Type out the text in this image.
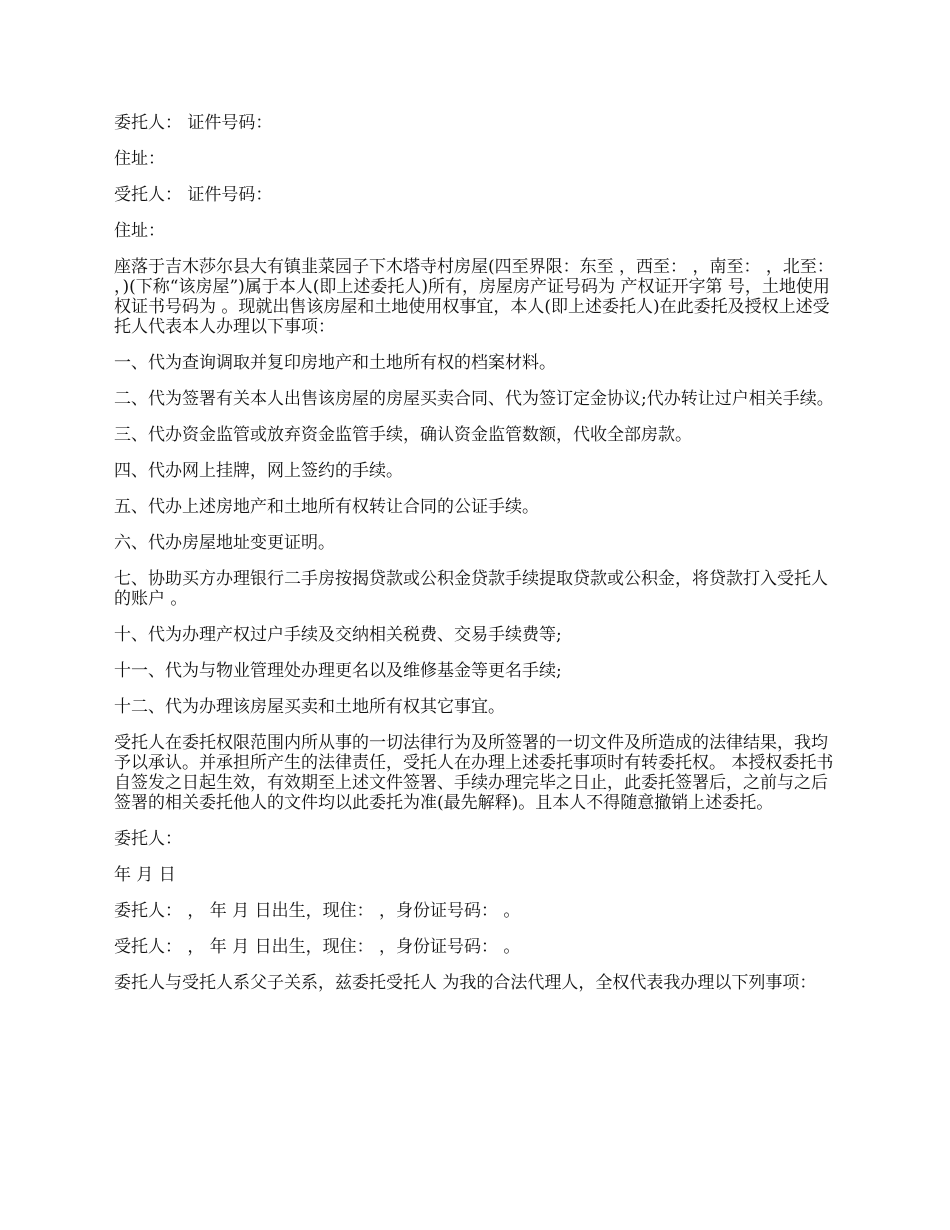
委托人： 证件号码：

住址：

受托人： 证件号码：

住址：

座落于吉木莎尔县大有镇韭菜园子下木塔寺村房屋(四至界限：东至 ，西至： ，南至： ，北至： ，)(下称“该房屋”)属于本人(即上述委托人)所有，房屋房产证号码为 产权证开字第 号，土地使用权证书号码为 。现就出售该房屋和土地使用权事宜，本人(即上述委托人)在此委托及授权上述受托人代表本人办理以下事项：

一、代为查询调取并复印房地产和土地所有权的档案材料。

二、代为签署有关本人出售该房屋的房屋买卖合同、代为签订定金协议;代办转让过户相关手续。

三、代办资金监管或放弃资金监管手续，确认资金监管数额，代收全部房款。

四、代办网上挂牌，网上签约的手续。

五、代办上述房地产和土地所有权转让合同的公证手续。

六、代办房屋地址变更证明。

七、协助买方办理银行二手房按揭贷款或公积金贷款手续提取贷款或公积金，将贷款打入受托人的账户 。

十、代为办理产权过户手续及交纳相关税费、交易手续费等;

十一、代为与物业管理处办理更名以及维修基金等更名手续;

十二、代为办理该房屋买卖和土地所有权其它事宜。

受托人在委托权限范围内所从事的一切法律行为及所签署的一切文件及所造成的法律结果，我均予以承认。并承担所产生的法律责任，受托人在办理上述委托事项时有转委托权。 本授权委托书自签发之日起生效，有效期至上述文件签署、手续办理完毕之日止，此委托签署后，之前与之后签署的相关委托他人的文件均以此委托为准(最先解释)。且本人不得随意撤销上述委托。

委托人：

年 月 日

委托人： ， 年 月 日出生，现住： ，身份证号码： 。

受托人： ， 年 月 日出生，现住： ，身份证号码： 。

委托人与受托人系父子关系，兹委托受托人 为我的合法代理人，全权代表我办理以下列事项：
